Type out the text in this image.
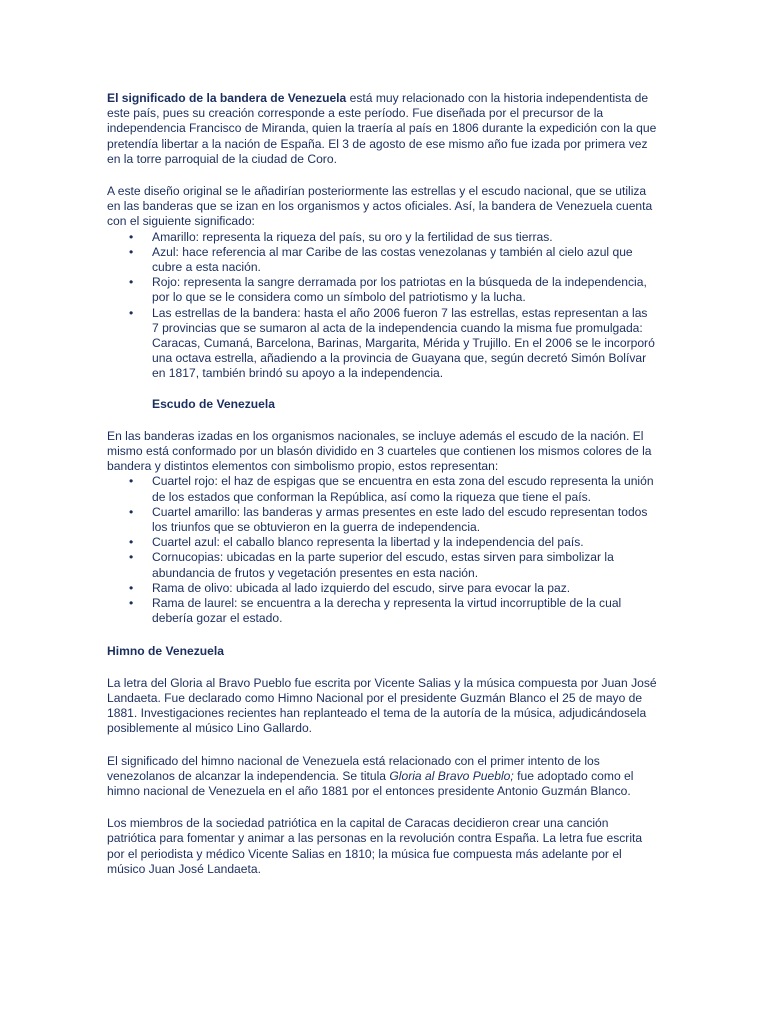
El significado de la bandera de Venezuela está muy relacionado con la historia independentista de este país, pues su creación corresponde a este período. Fue diseñada por el precursor de la independencia Francisco de Miranda, quien la traería al país en 1806 durante la expedición con la que pretendía libertar a la nación de España. El 3 de agosto de ese mismo año fue izada por primera vez en la torre parroquial de la ciudad de Coro.

A este diseño original se le añadirían posteriormente las estrellas y el escudo nacional, que se utiliza en las banderas que se izan en los organismos y actos oficiales. Así, la bandera de Venezuela cuenta con el siguiente significado:

• Amarillo: representa la riqueza del país, su oro y la fertilidad de sus tierras.
• Azul: hace referencia al mar Caribe de las costas venezolanas y también al cielo azul que cubre a esta nación.
• Rojo: representa la sangre derramada por los patriotas en la búsqueda de la independencia, por lo que se le considera como un símbolo del patriotismo y la lucha.
• Las estrellas de la bandera: hasta el año 2006 fueron 7 las estrellas, estas representan a las 7 provincias que se sumaron al acta de la independencia cuando la misma fue promulgada: Caracas, Cumaná, Barcelona, Barinas, Margarita, Mérida y Trujillo. En el 2006 se le incorporó una octava estrella, añadiendo a la provincia de Guayana que, según decretó Simón Bolívar en 1817, también brindó su apoyo a la independencia.

Escudo de Venezuela

En las banderas izadas en los organismos nacionales, se incluye además el escudo de la nación. El mismo está conformado por un blasón dividido en 3 cuarteles que contienen los mismos colores de la bandera y distintos elementos con simbolismo propio, estos representan:

• Cuartel rojo: el haz de espigas que se encuentra en esta zona del escudo representa la unión de los estados que conforman la República, así como la riqueza que tiene el país.
• Cuartel amarillo: las banderas y armas presentes en este lado del escudo representan todos los triunfos que se obtuvieron en la guerra de independencia.
• Cuartel azul: el caballo blanco representa la libertad y la independencia del país.
• Cornucopias: ubicadas en la parte superior del escudo, estas sirven para simbolizar la abundancia de frutos y vegetación presentes en esta nación.
• Rama de olivo: ubicada al lado izquierdo del escudo, sirve para evocar la paz.
• Rama de laurel: se encuentra a la derecha y representa la virtud incorruptible de la cual debería gozar el estado.

Himno de Venezuela

La letra del Gloria al Bravo Pueblo fue escrita por Vicente Salias y la música compuesta por Juan José Landaeta. Fue declarado como Himno Nacional por el presidente Guzmán Blanco el 25 de mayo de 1881. Investigaciones recientes han replanteado el tema de la autoría de la música, adjudicándosela posiblemente al músico Lino Gallardo.

El significado del himno nacional de Venezuela está relacionado con el primer intento de los venezolanos de alcanzar la independencia. Se titula Gloria al Bravo Pueblo; fue adoptado como el himno nacional de Venezuela en el año 1881 por el entonces presidente Antonio Guzmán Blanco.

Los miembros de la sociedad patriótica en la capital de Caracas decidieron crear una canción patriótica para fomentar y animar a las personas en la revolución contra España. La letra fue escrita por el periodista y médico Vicente Salias en 1810; la música fue compuesta más adelante por el músico Juan José Landaeta.
